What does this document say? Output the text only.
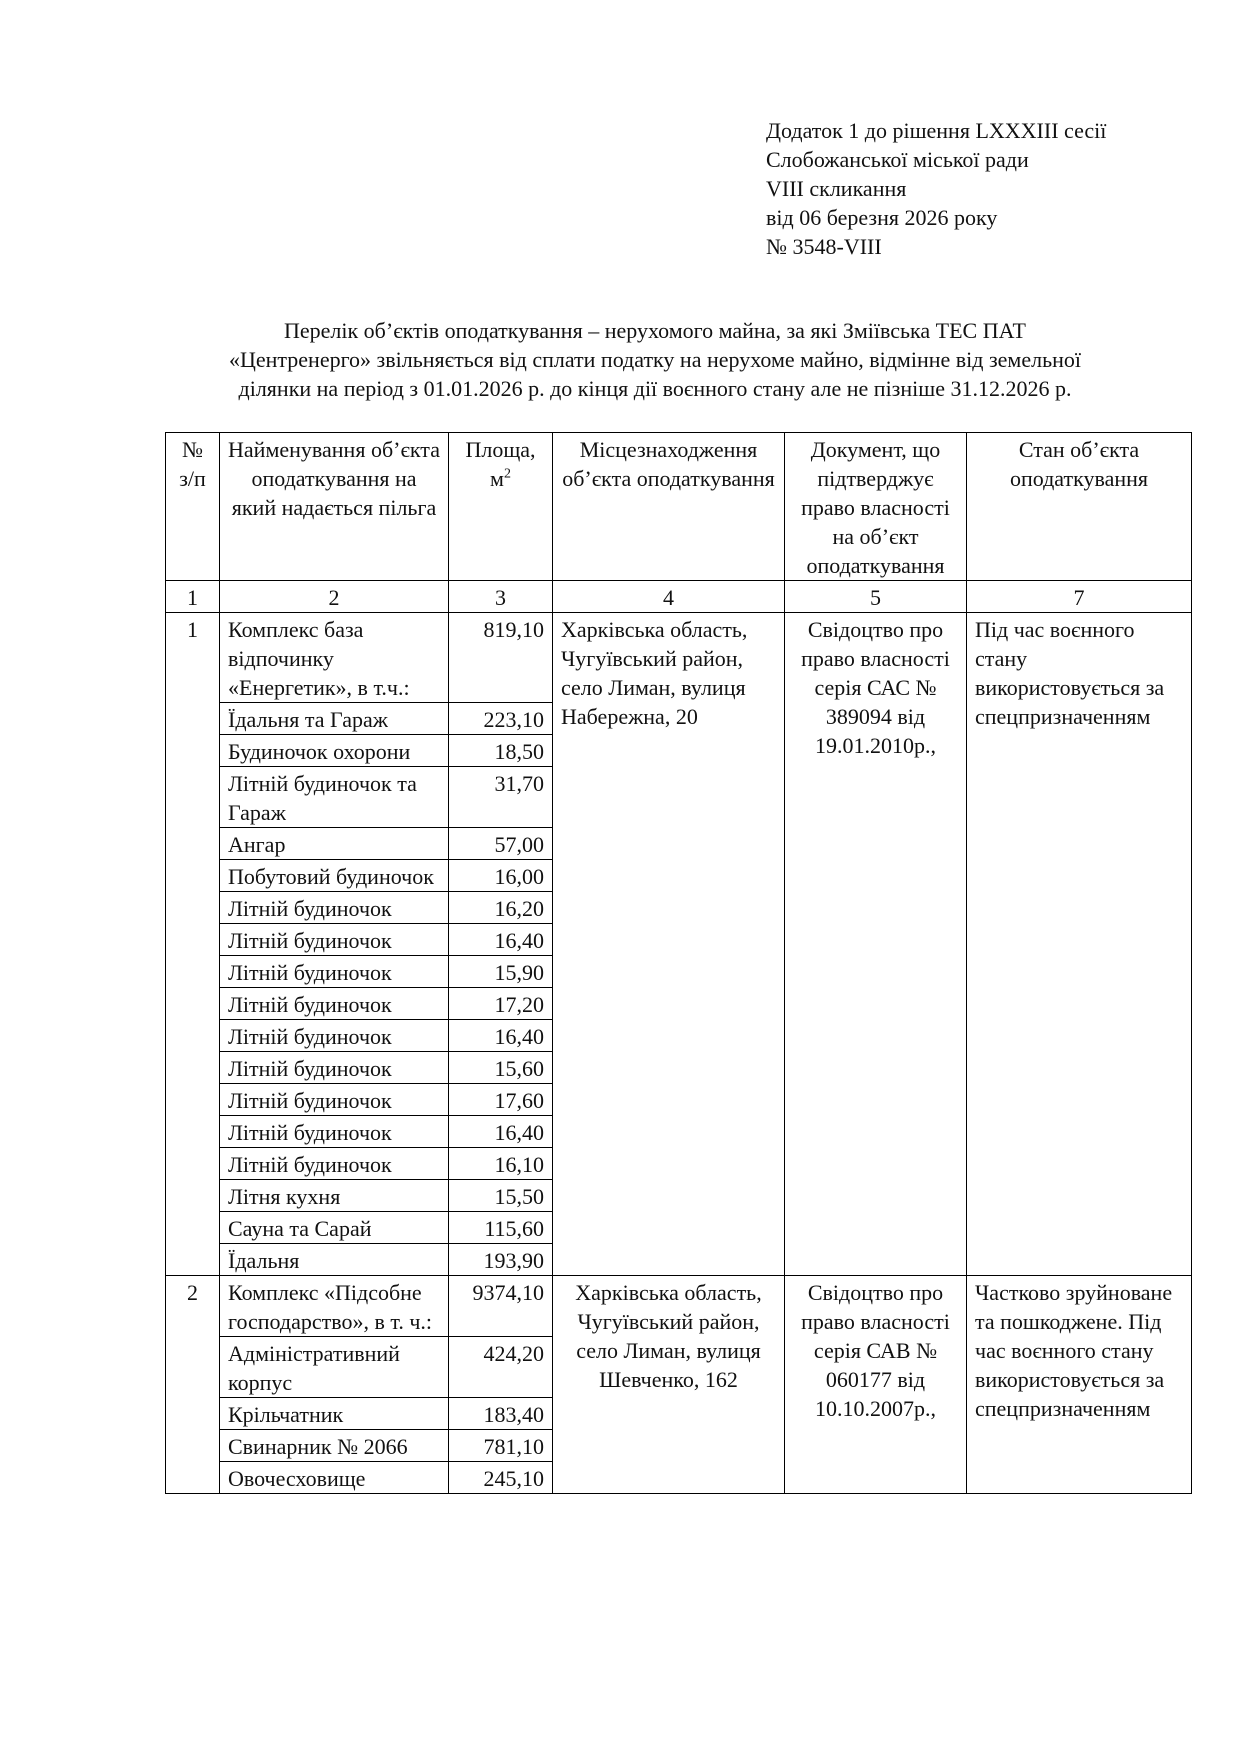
Додаток 1 до рішення LXXXIII сесії
Слобожанської міської ради
VIII скликання
від 06 березня 2026 року
№ 3548-VIII
Перелік об’єктів оподаткування – нерухомого майна, за які Зміївська ТЕС ПАТ
«Центренерго» звільняється від сплати податку на нерухоме майно, відмінне від земельної
ділянки на період з 01.01.2026 р. до кінця дії воєнного стану але не пізніше 31.12.2026 р.
№ з/п	Найменування об’єкта оподаткування на який надається пільга	Площа, $м^2$	Місцезнаходження об’єкта оподаткування	Документ, що підтверджує право власності на об’єкт оподаткування	Стан об’єкта оподаткування
1	2	3	4	5	7
1	Комплекс база відпочинку «Енергетик», в т.ч.:	819,10	Харківська область, Чугуївський район, село Лиман, вулиця Набережна, 20	Свідоцтво про право власності серія САС № 389094 від 19.01.2010р.,	Під час воєнного стану використовується за спецпризначенням
	Їдальня та Гараж	223,10			
	Будиночок охорони	18,50			
	Літній будиночок та Гараж	31,70			
	Ангар	57,00			
	Побутовий будиночок	16,00			
	Літній будиночок	16,20			
	Літній будиночок	16,40			
	Літній будиночок	15,90			
	Літній будиночок	17,20			
	Літній будиночок	16,40			
	Літній будиночок	15,60			
	Літній будиночок	17,60			
	Літній будиночок	16,40			
	Літній будиночок	16,10			
	Літня кухня	15,50			
	Сауна та Сарай	115,60			
	Їдальня	193,90			
2	Комплекс «Підсобне господарство», в т. ч.:	9374,10	Харківська область, Чугуївський район, село Лиман, вулиця Шевченко, 162	Свідоцтво про право власності серія САВ № 060177 від 10.10.2007р.,	Частково зруйноване та пошкоджене. Під час воєнного стану використовується за спецпризначенням
	Адміністративний корпус	424,20			
	Крільчатник	183,40			
	Свинарник № 2066	781,10			
	Овочесховище	245,10			
